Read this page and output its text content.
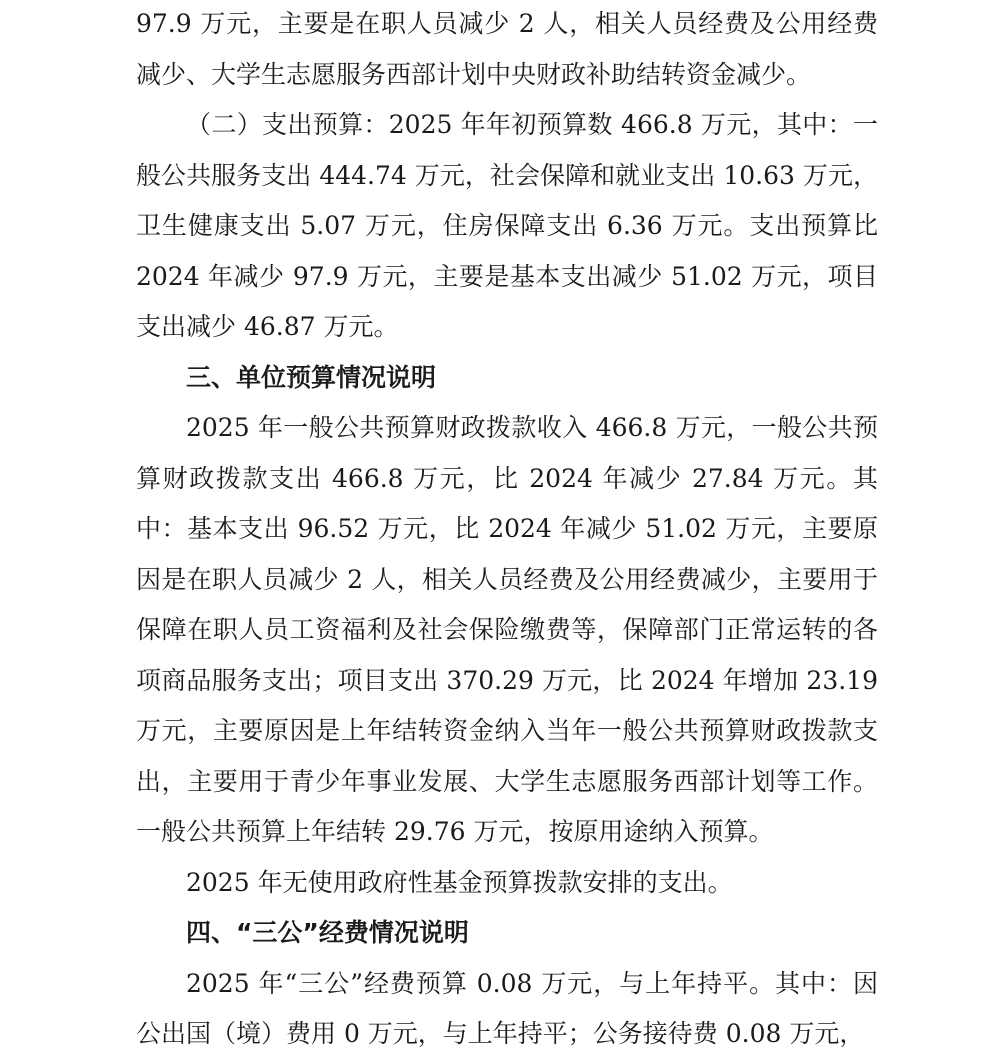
97.9 万元，主要是在职人员减少 2 人，相关人员经费及公用经费减少、大学生志愿服务西部计划中央财政补助结转资金减少。

（二）支出预算：2025 年年初预算数 466.8 万元，其中：一般公共服务支出 444.74 万元，社会保障和就业支出 10.63 万元，卫生健康支出 5.07 万元，住房保障支出 6.36 万元。支出预算比 2024 年减少 97.9 万元，主要是基本支出减少 51.02 万元，项目支出减少 46.87 万元。

三、单位预算情况说明

2025 年一般公共预算财政拨款收入 466.8 万元，一般公共预算财政拨款支出 466.8 万元，比 2024 年减少 27.84 万元。其中：基本支出 96.52 万元，比 2024 年减少 51.02 万元，主要原因是在职人员减少 2 人，相关人员经费及公用经费减少，主要用于保障在职人员工资福利及社会保险缴费等，保障部门正常运转的各项商品服务支出；项目支出 370.29 万元，比 2024 年增加 23.19 万元，主要原因是上年结转资金纳入当年一般公共预算财政拨款支出，主要用于青少年事业发展、大学生志愿服务西部计划等工作。一般公共预算上年结转 29.76 万元，按原用途纳入预算。

2025 年无使用政府性基金预算拨款安排的支出。

四、“三公”经费情况说明

2025 年“三公”经费预算 0.08 万元，与上年持平。其中：因公出国（境）费用 0 万元，与上年持平；公务接待费 0.08 万元，
